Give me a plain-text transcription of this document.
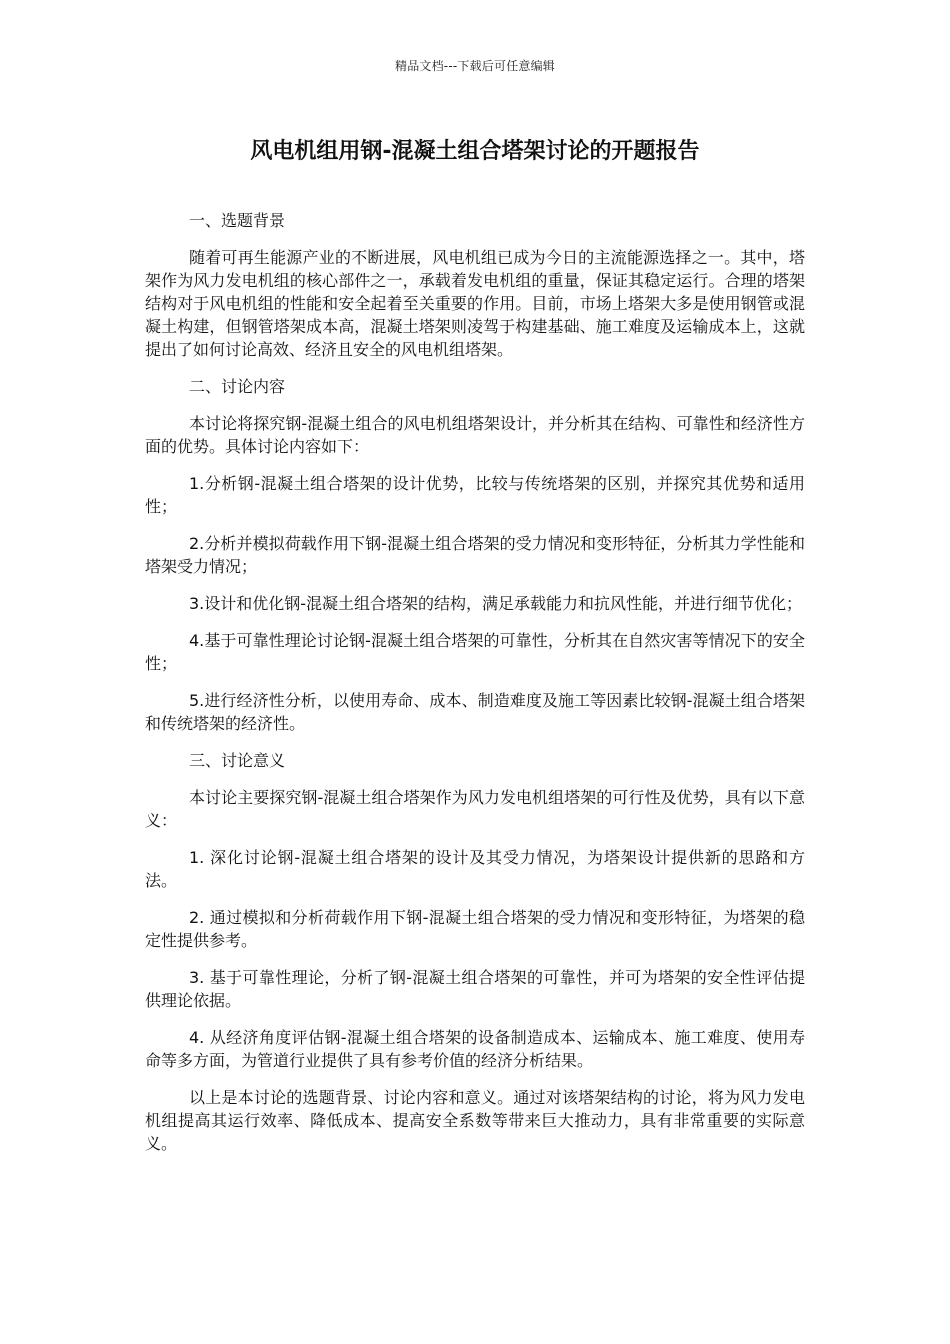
精品文档---下载后可任意编辑
风电机组用钢-混凝土组合塔架讨论的开题报告

一、选题背景

随着可再生能源产业的不断进展，风电机组已成为今日的主流能源选择之一。其中，塔架作为风力发电机组的核心部件之一，承载着发电机组的重量，保证其稳定运行。合理的塔架结构对于风电机组的性能和安全起着至关重要的作用。目前，市场上塔架大多是使用钢管或混凝土构建，但钢管塔架成本高，混凝土塔架则凌驾于构建基础、施工难度及运输成本上，这就提出了如何讨论高效、经济且安全的风电机组塔架。

二、讨论内容

本讨论将探究钢-混凝土组合的风电机组塔架设计，并分析其在结构、可靠性和经济性方面的优势。具体讨论内容如下：

1.分析钢-混凝土组合塔架的设计优势，比较与传统塔架的区别，并探究其优势和适用性；

2.分析并模拟荷载作用下钢-混凝土组合塔架的受力情况和变形特征，分析其力学性能和塔架受力情况；

3.设计和优化钢-混凝土组合塔架的结构，满足承载能力和抗风性能，并进行细节优化；

4.基于可靠性理论讨论钢-混凝土组合塔架的可靠性，分析其在自然灾害等情况下的安全性；

5.进行经济性分析，以使用寿命、成本、制造难度及施工等因素比较钢-混凝土组合塔架和传统塔架的经济性。

三、讨论意义

本讨论主要探究钢-混凝土组合塔架作为风力发电机组塔架的可行性及优势，具有以下意义：

1. 深化讨论钢-混凝土组合塔架的设计及其受力情况，为塔架设计提供新的思路和方法。

2. 通过模拟和分析荷载作用下钢-混凝土组合塔架的受力情况和变形特征，为塔架的稳定性提供参考。

3. 基于可靠性理论，分析了钢-混凝土组合塔架的可靠性，并可为塔架的安全性评估提供理论依据。

4. 从经济角度评估钢-混凝土组合塔架的设备制造成本、运输成本、施工难度、使用寿命等多方面，为管道行业提供了具有参考价值的经济分析结果。

以上是本讨论的选题背景、讨论内容和意义。通过对该塔架结构的讨论，将为风力发电机组提高其运行效率、降低成本、提高安全系数等带来巨大推动力，具有非常重要的实际意义。
